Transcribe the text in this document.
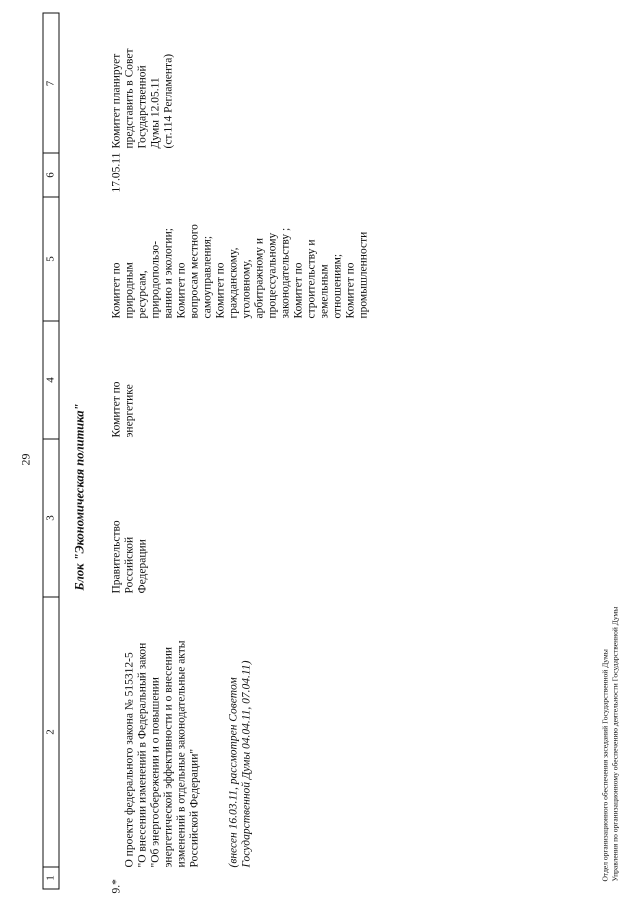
29
1
2
3
4
5
6
7
Блок "Экономическая политика"
9.*

О проекте федерального закона № 515312-5
"О внесении изменений в Федеральный закон
"Об энергосбережении и о повышении
энергетической эффективности и о внесении
изменений в отдельные законодательные акты
Российской Федерации"

(внесен 16.03.11, рассмотрен Советом
Государственной Думы 04.04.11, 07.04.11)

Правительство
Российской
Федерации
Комитет по
энергетике
Комитет по
природным
ресурсам,
природопользо-
ванию и экологии;
Комитет по
вопросам местного
самоуправления;
Комитет по
гражданскому,
уголовному,
арбитражному и
процессуальному
законодательству ;
Комитет по
строительству и
земельным
отношениям;
Комитет по
промышленности
17.05.11
Комитет планирует
представить в Совет
Государственной
Думы 12.05.11
(ст.114 Регламента)
Отдел организационного обеспечения заседаний Государственной Думы Управления по организационному обеспечению деятельности Государственной Думы
